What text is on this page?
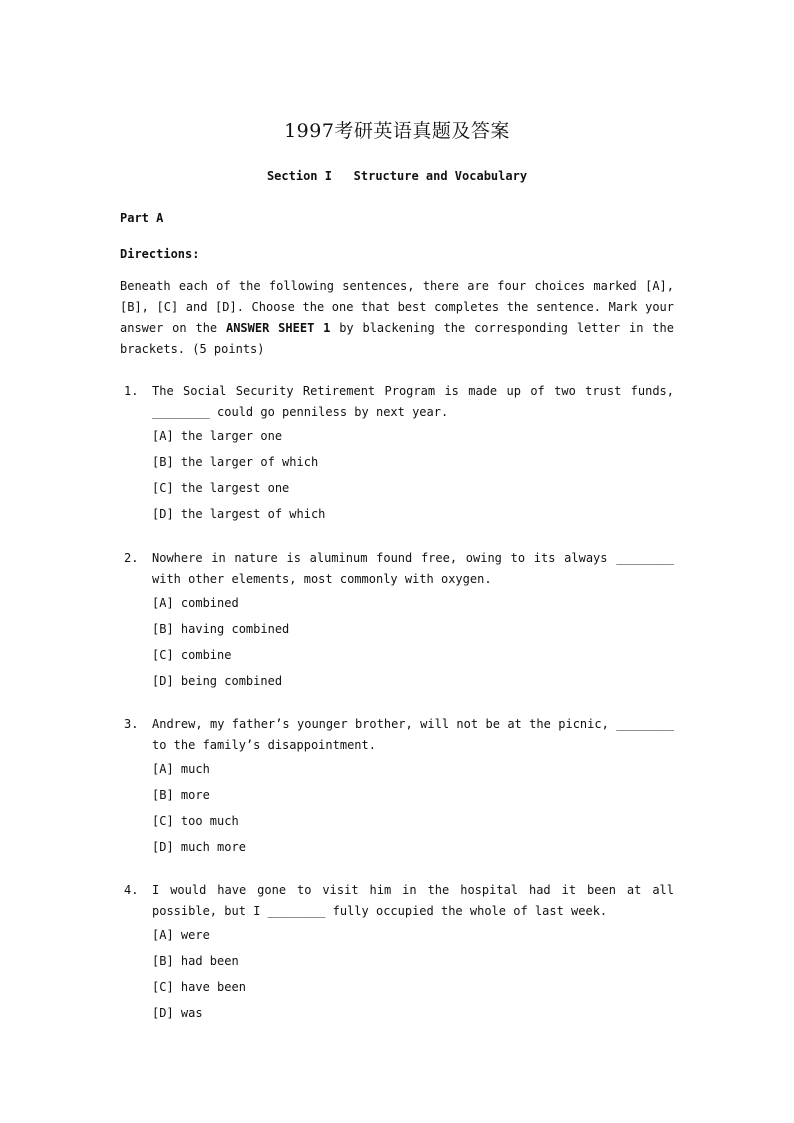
1997考研英语真题及答案
Section I   Structure and Vocabulary
Part A
Directions:
Beneath each of the following sentences, there are four choices marked [A], [B], [C] and [D]. Choose the one that best completes the sentence. Mark your answer on the ANSWER SHEET 1 by blackening the corresponding letter in the brackets. (5 points)
1. The Social Security Retirement Program is made up of two trust funds, ________ could go penniless by next year.
[A] the larger one
[B] the larger of which
[C] the largest one
[D] the largest of which
2. Nowhere in nature is aluminum found free, owing to its always ________ with other elements, most commonly with oxygen.
[A] combined
[B] having combined
[C] combine
[D] being combined
3. Andrew, my father’s younger brother, will not be at the picnic, ________ to the family’s disappointment.
[A] much
[B] more
[C] too much
[D] much more
4. I would have gone to visit him in the hospital had it been at all possible, but I ________ fully occupied the whole of last week.
[A] were
[B] had been
[C] have been
[D] was
